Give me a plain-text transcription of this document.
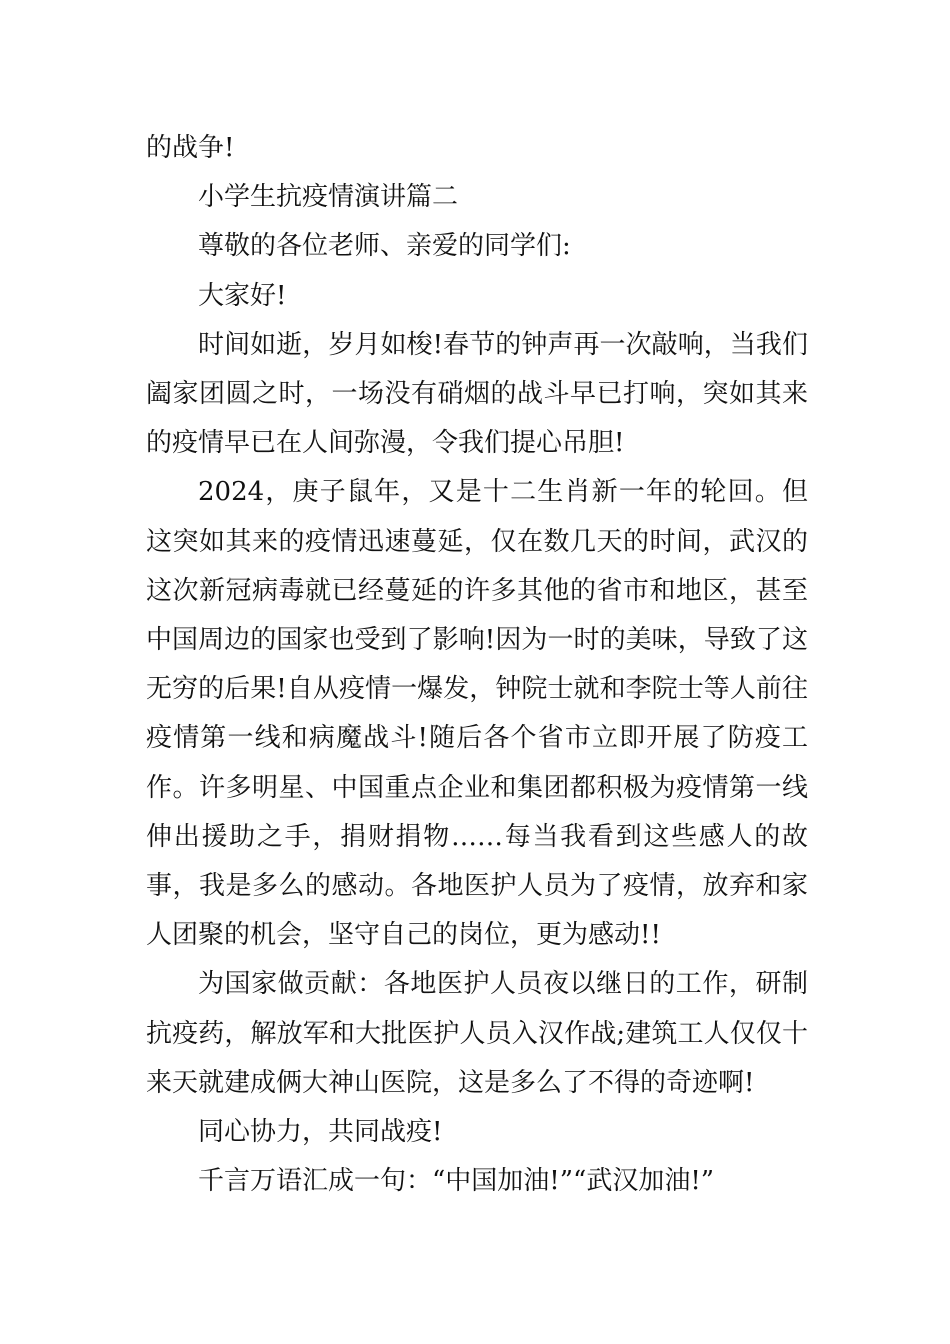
的战争!

小学生抗疫情演讲篇二

尊敬的各位老师、亲爱的同学们:

大家好!

时间如逝，岁月如梭!春节的钟声再一次敲响，当我们阖家团圆之时，一场没有硝烟的战斗早已打响，突如其来的疫情早已在人间弥漫，令我们提心吊胆!

2024，庚子鼠年，又是十二生肖新一年的轮回。但这突如其来的疫情迅速蔓延，仅在数几天的时间，武汉的这次新冠病毒就已经蔓延的许多其他的省市和地区，甚至中国周边的国家也受到了影响!因为一时的美味，导致了这无穷的后果!自从疫情一爆发，钟院士就和李院士等人前往疫情第一线和病魔战斗!随后各个省市立即开展了防疫工作。许多明星、中国重点企业和集团都积极为疫情第一线伸出援助之手，捐财捐物……每当我看到这些感人的故事，我是多么的感动。各地医护人员为了疫情，放弃和家人团聚的机会，坚守自己的岗位，更为感动!!

为国家做贡献：各地医护人员夜以继日的工作，研制抗疫药，解放军和大批医护人员入汉作战;建筑工人仅仅十来天就建成俩大神山医院，这是多么了不得的奇迹啊!

同心协力，共同战疫!

千言万语汇成一句：“中国加油!”“武汉加油!”
